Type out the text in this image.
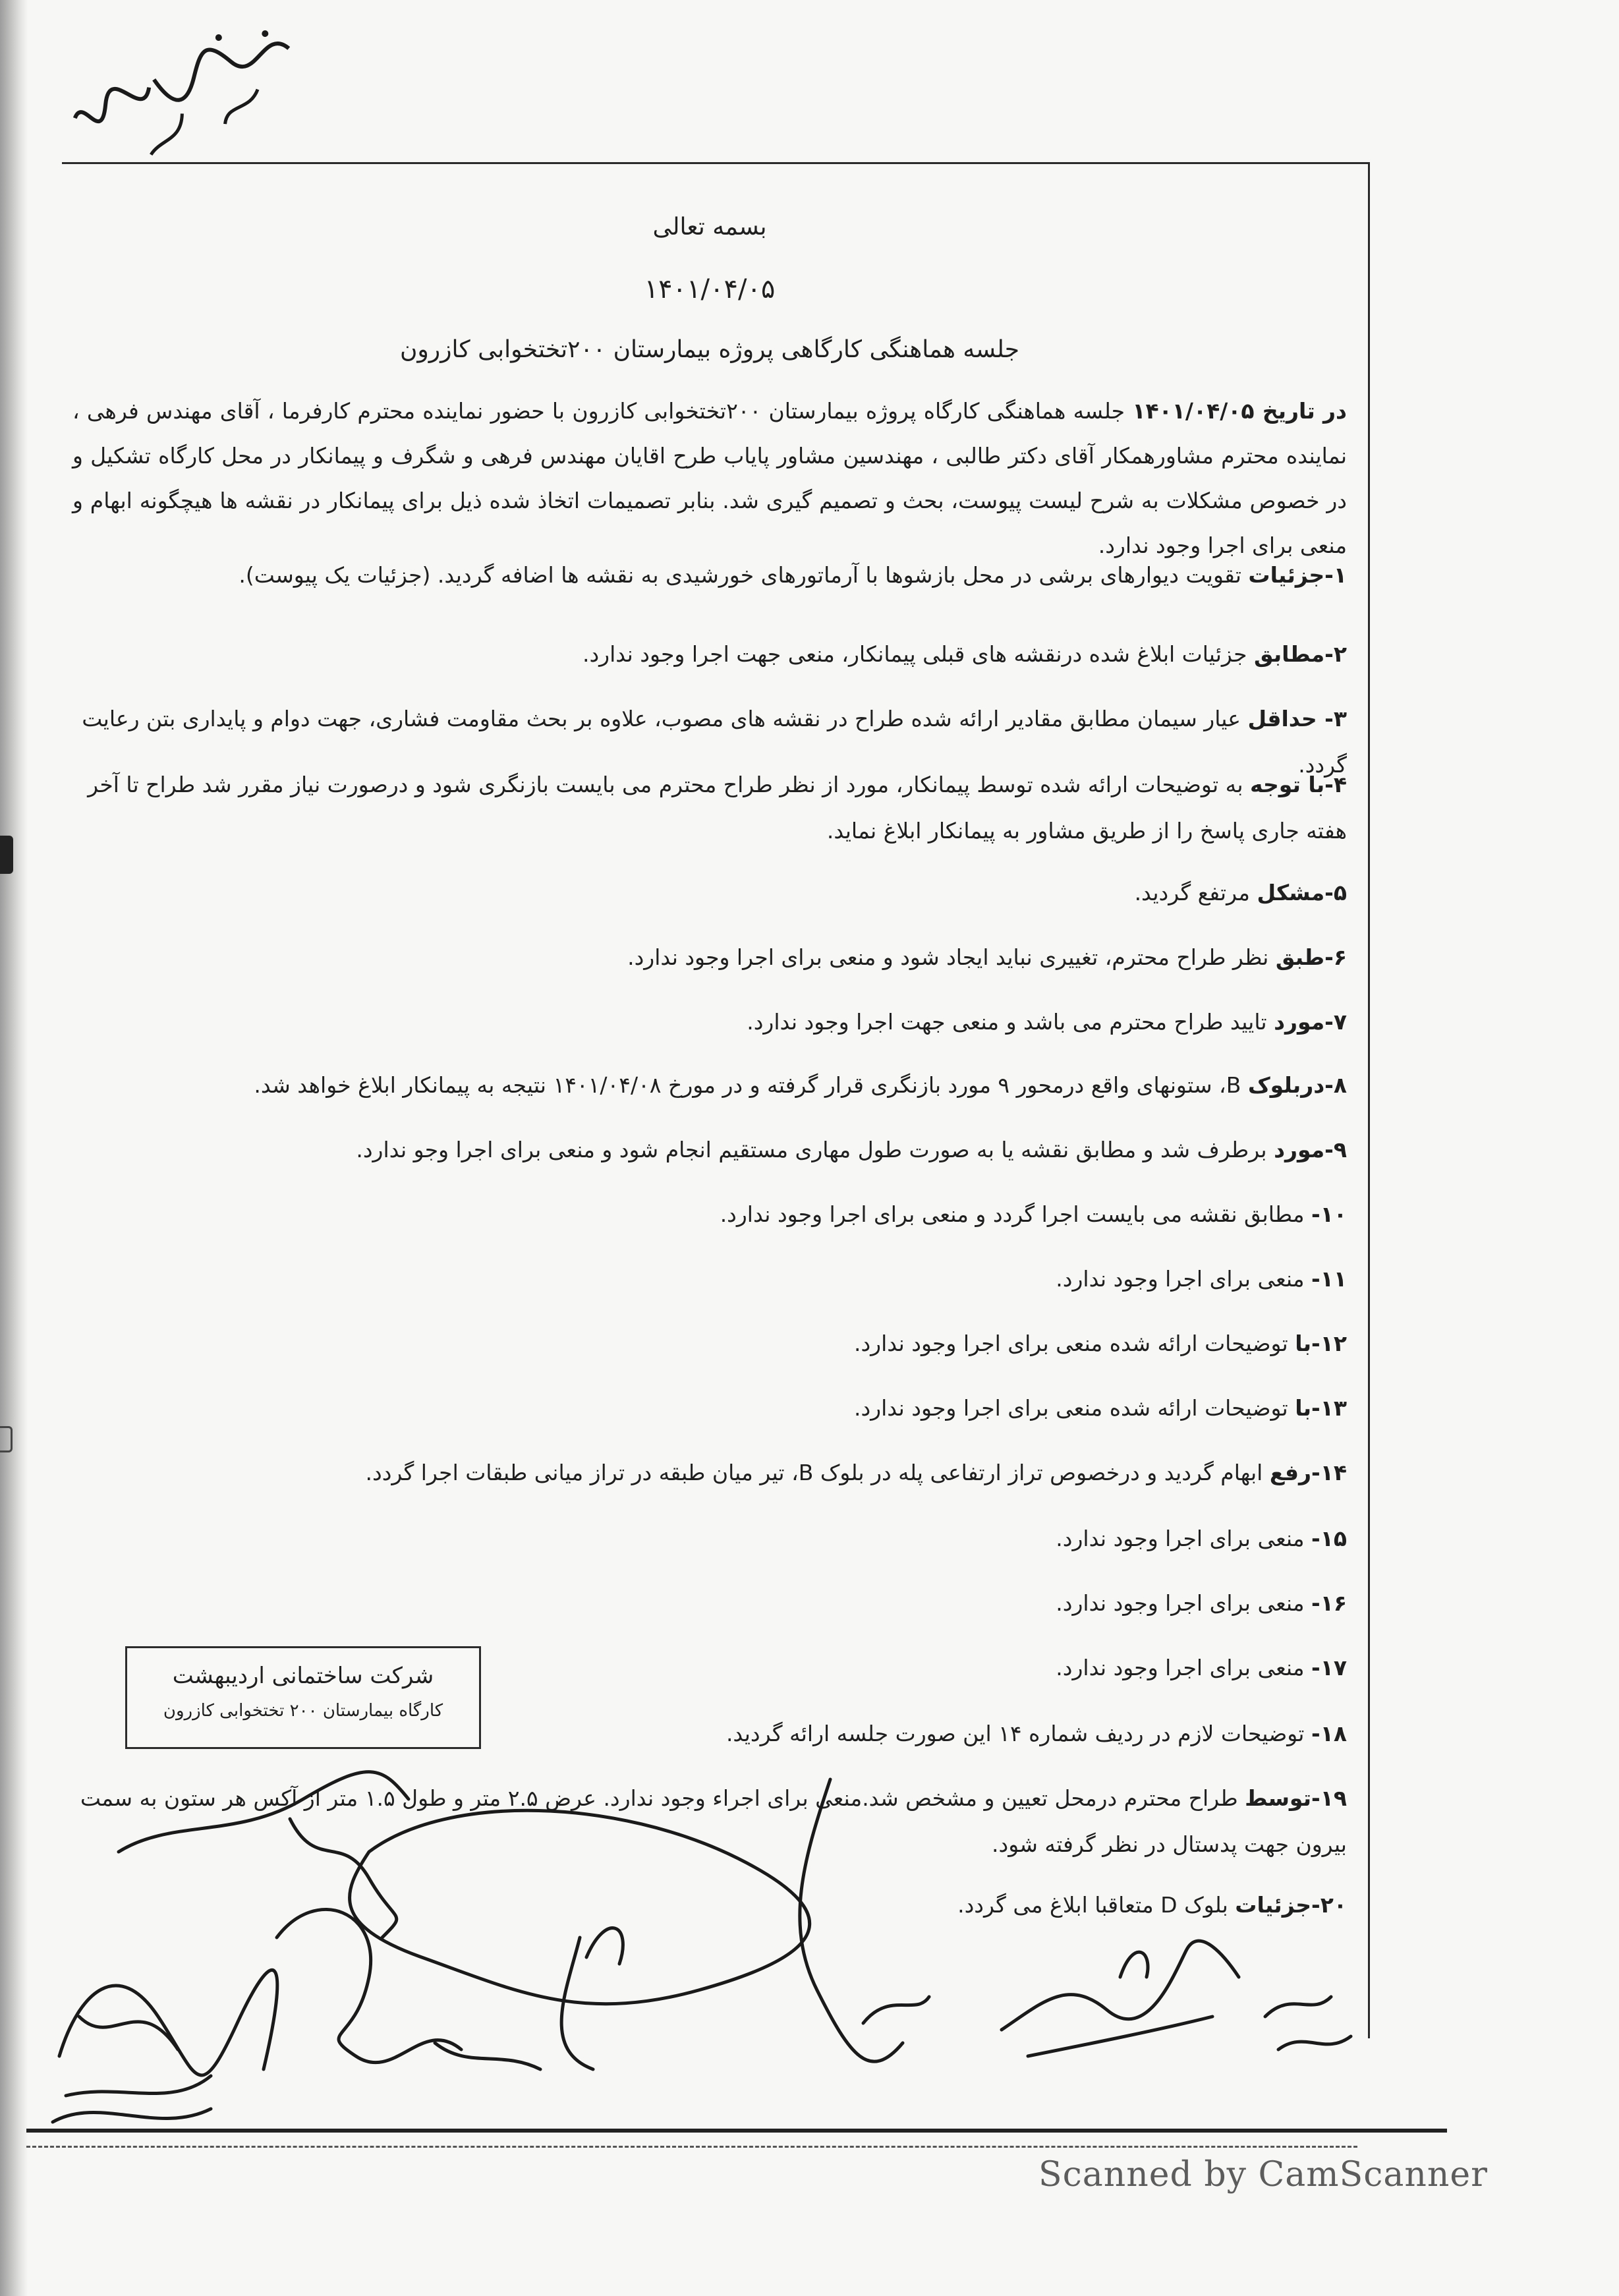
بسمه تعالی
۱۴۰۱/۰۴/۰۵
جلسه هماهنگی کارگاهی پروژه بیمارستان ۲۰۰تختخوابی کازرون
در تاریخ ۱۴۰۱/۰۴/۰۵ جلسه هماهنگی کارگاه پروژه بیمارستان ۲۰۰تختخوابی کازرون با حضور نماینده محترم کارفرما ، آقای مهندس فرهی ، نماینده محترم مشاورهمکار آقای دکتر طالبی ، مهندسین مشاور پایاب طرح اقایان مهندس فرهی و شگرف و پیمانکار در محل کارگاه تشکیل و در خصوص مشکلات به شرح لیست پیوست، بحث و تصمیم گیری شد. بنابر تصمیمات اتخاذ شده ذیل برای پیمانکار در نقشه ها هیچگونه ابهام و منعی برای اجرا وجود ندارد.
۱-جزئیات تقویت دیوارهای برشی در محل بازشوها با آرماتورهای خورشیدی به نقشه ها اضافه گردید. (جزئیات یک پیوست).
۲-مطابق جزئیات ابلاغ شده درنقشه های قبلی پیمانکار، منعی جهت اجرا وجود ندارد.
۳- حداقل عیار سیمان مطابق مقادیر ارائه شده طراح در نقشه های مصوب، علاوه بر بحث مقاومت فشاری، جهت دوام و پایداری بتن رعایت گردد.
۴-با توجه به توضیحات ارائه شده توسط پیمانکار، مورد از نظر طراح محترم می بایست بازنگری شود و درصورت نیاز مقرر شد طراح تا آخر هفته جاری پاسخ را از طریق مشاور به پیمانکار ابلاغ نماید.
۵-مشکل مرتفع گردید.
۶-طبق نظر طراح محترم، تغییری نباید ایجاد شود و منعی برای اجرا وجود ندارد.
۷-مورد تایید طراح محترم می باشد و منعی جهت اجرا وجود ندارد.
۸-دربلوک B، ستونهای واقع درمحور ۹ مورد بازنگری قرار گرفته و در مورخ ۱۴۰۱/۰۴/۰۸ نتیجه به پیمانکار ابلاغ خواهد شد.
۹-مورد برطرف شد و مطابق نقشه یا به صورت طول مهاری مستقیم انجام شود و منعی برای اجرا وجو ندارد.
۱۰- مطابق نقشه می بایست اجرا گردد و منعی برای اجرا وجود ندارد.
۱۱- منعی برای اجرا وجود ندارد.
۱۲-با توضیحات ارائه شده منعی برای اجرا وجود ندارد.
۱۳-با توضیحات ارائه شده منعی برای اجرا وجود ندارد.
۱۴-رفع ابهام گردید و درخصوص تراز ارتفاعی پله در بلوک B، تیر میان طبقه در تراز میانی طبقات اجرا گردد.
۱۵- منعی برای اجرا وجود ندارد.
۱۶- منعی برای اجرا وجود ندارد.
۱۷- منعی برای اجرا وجود ندارد.
۱۸- توضیحات لازم در ردیف شماره ۱۴ این صورت جلسه ارائه گردید.
۱۹-توسط طراح محترم درمحل تعیین و مشخص شد.منعی برای اجراء وجود ندارد. عرض ۲.۵ متر و طول ۱.۵ متر از آکس هر ستون به سمت بیرون جهت پدستال در نظر گرفته شود.
۲۰-جزئیات بلوک D متعاقبا ابلاغ می گردد.
شرکت ساختمانی اردیبهشت
کارگاه بیمارستان ۲۰۰ تختخوابی کازرون
Scanned by CamScanner
